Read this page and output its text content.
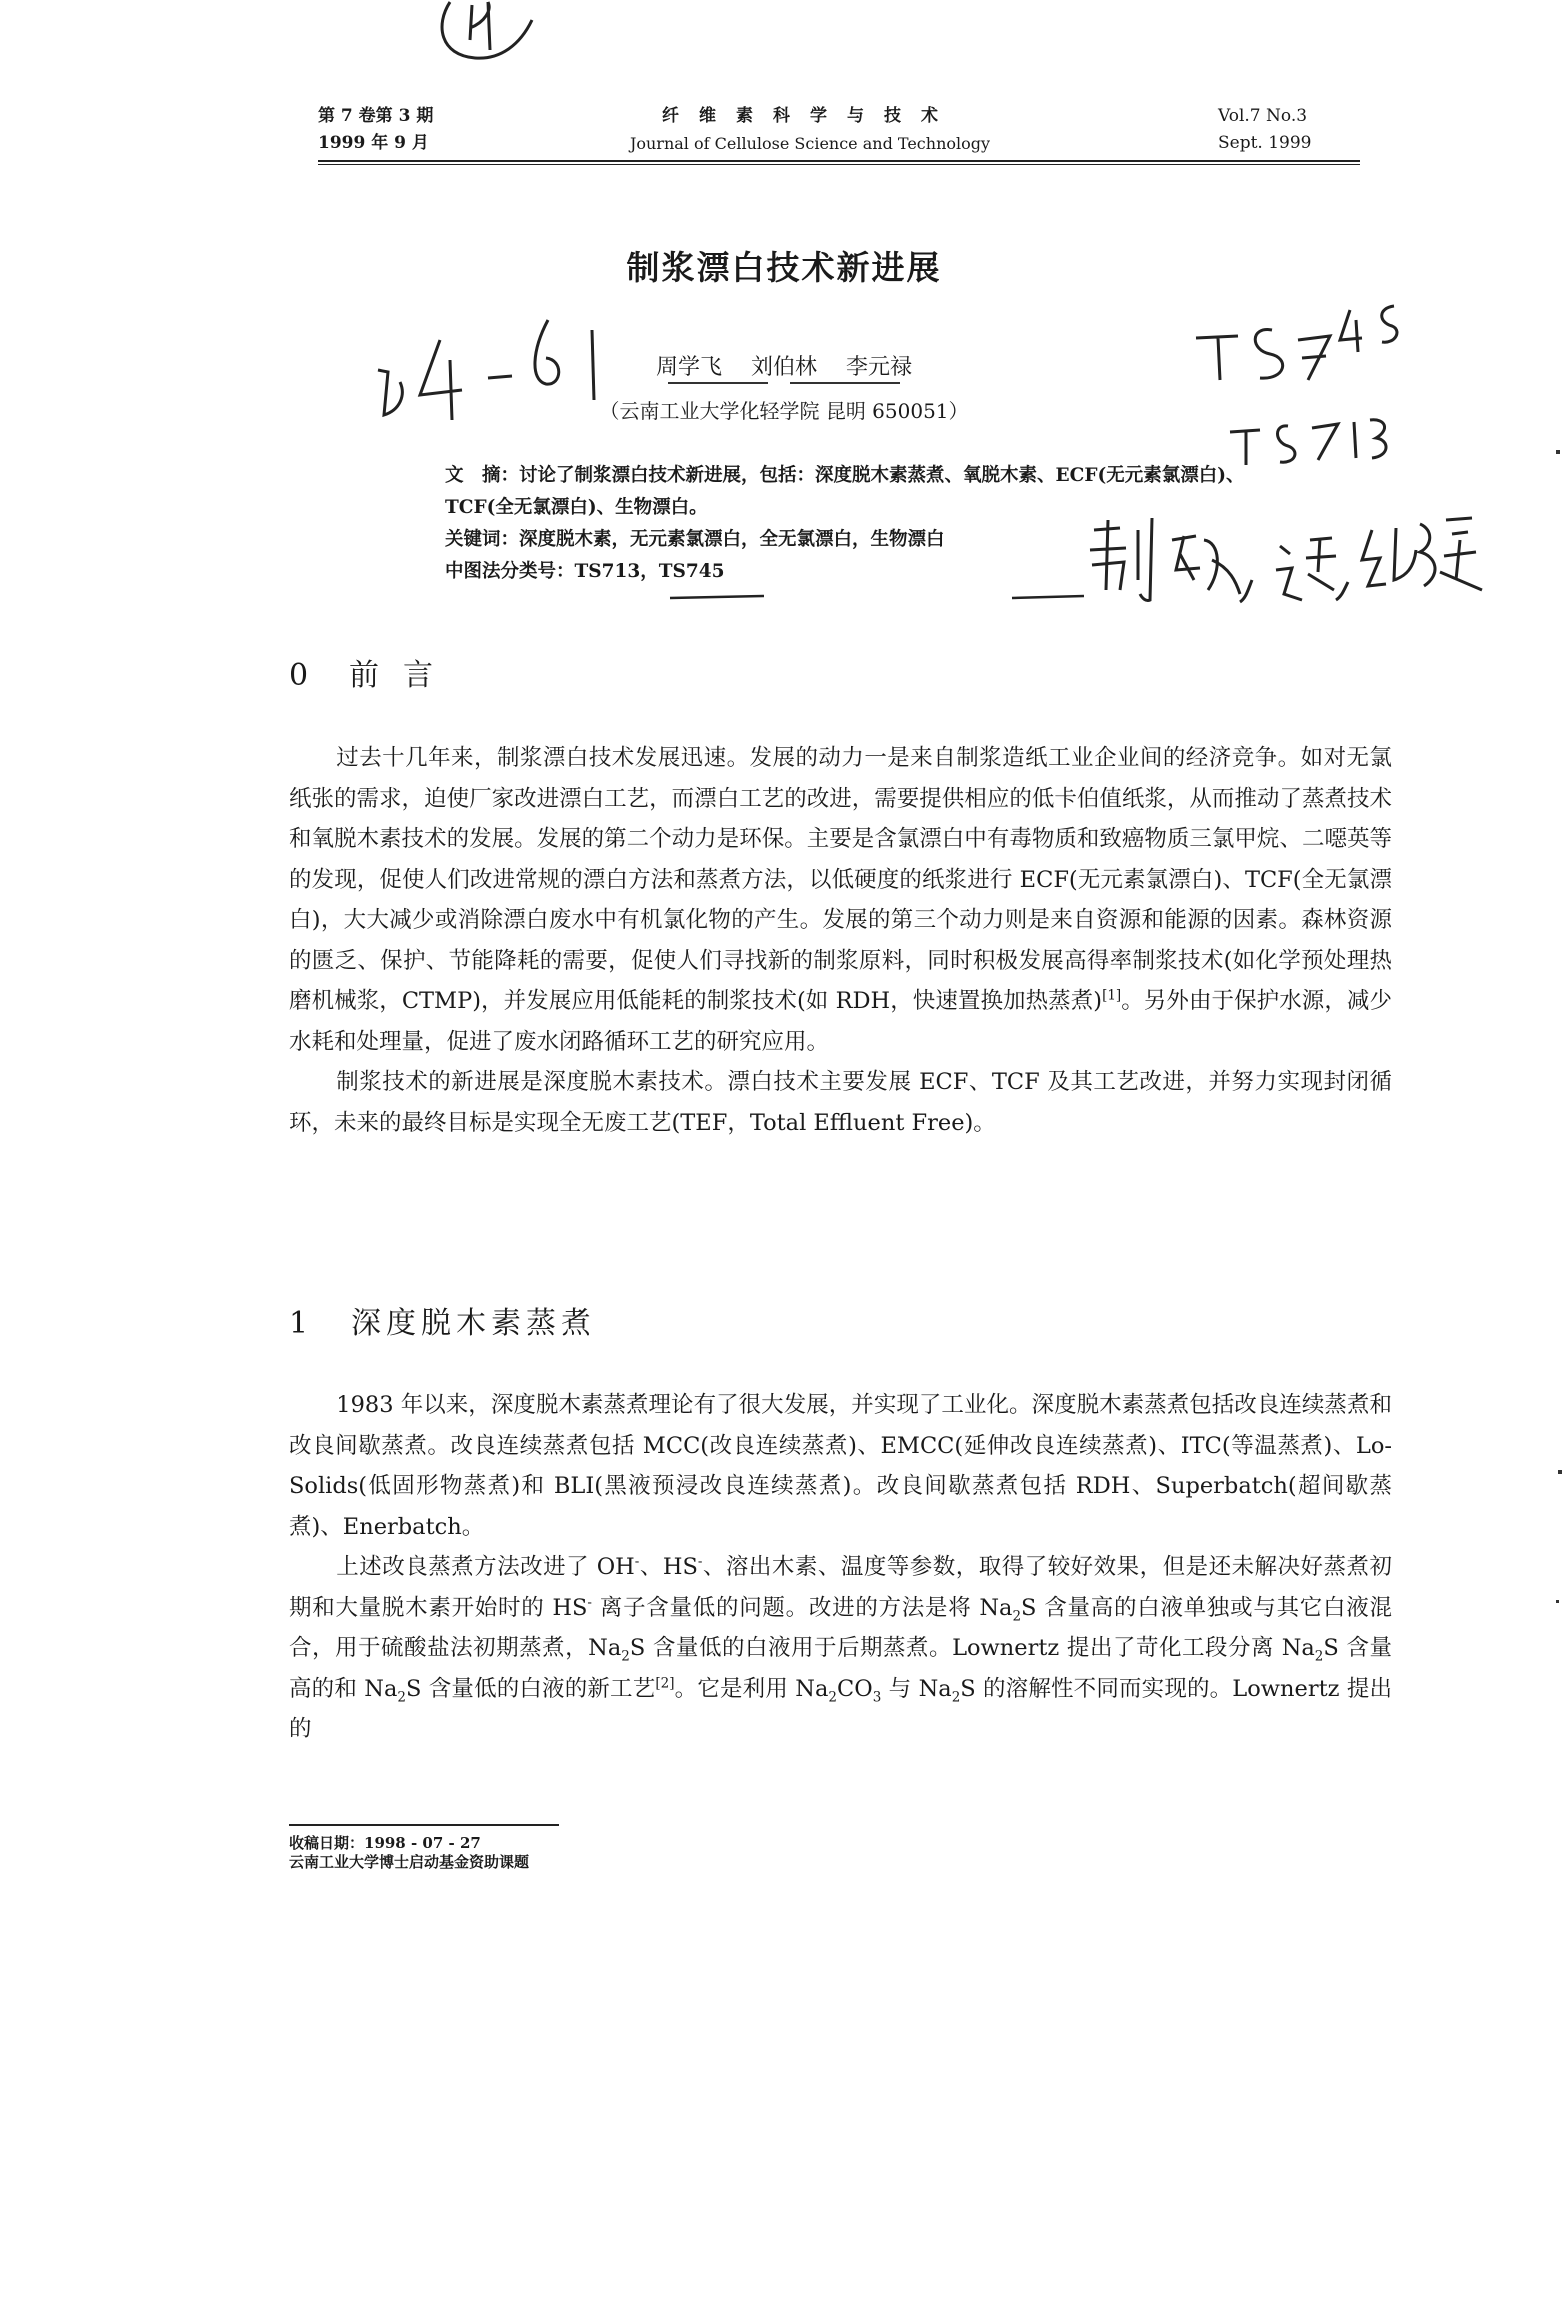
第 7 卷第 3 期
1999 年 9 月
纤维素科学与技术
Journal of Cellulose Science and Technology
Vol.7 No.3
Sept. 1999
制浆漂白技术新进展
周学飞 刘伯林 李元禄
（云南工业大学化轻学院 昆明 650051）

文　摘：讨论了制浆漂白技术新进展，包括：深度脱木素蒸煮、氧脱木素、ECF(无元素氯漂白)、TCF(全无氯漂白)、生物漂白。

关键词：深度脱木素，无元素氯漂白，全无氯漂白，生物漂白

中图法分类号：TS713，TS745

0 前言

过去十几年来，制浆漂白技术发展迅速。发展的动力一是来自制浆造纸工业企业间的经济竞争。如对无氯纸张的需求，迫使厂家改进漂白工艺，而漂白工艺的改进，需要提供相应的低卡伯值纸浆，从而推动了蒸煮技术和氧脱木素技术的发展。发展的第二个动力是环保。主要是含氯漂白中有毒物质和致癌物质三氯甲烷、二噁英等的发现，促使人们改进常规的漂白方法和蒸煮方法，以低硬度的纸浆进行 ECF(无元素氯漂白)、TCF(全无氯漂白)，大大减少或消除漂白废水中有机氯化物的产生。发展的第三个动力则是来自资源和能源的因素。森林资源的匮乏、保护、节能降耗的需要，促使人们寻找新的制浆原料，同时积极发展高得率制浆技术(如化学预处理热磨机械浆，CTMP)，并发展应用低能耗的制浆技术(如 RDH，快速置换加热蒸煮)[1]。另外由于保护水源，减少水耗和处理量，促进了废水闭路循环工艺的研究应用。

制浆技术的新进展是深度脱木素技术。漂白技术主要发展 ECF、TCF 及其工艺改进，并努力实现封闭循环，未来的最终目标是实现全无废工艺(TEF，Total Effluent Free)。

1 深度脱木素蒸煮

1983 年以来，深度脱木素蒸煮理论有了很大发展，并实现了工业化。深度脱木素蒸煮包括改良连续蒸煮和改良间歇蒸煮。改良连续蒸煮包括 MCC(改良连续蒸煮)、EMCC(延伸改良连续蒸煮)、ITC(等温蒸煮)、Lo-Solids(低固形物蒸煮)和 BLI(黑液预浸改良连续蒸煮)。改良间歇蒸煮包括 RDH、Superbatch(超间歇蒸煮)、Enerbatch。

上述改良蒸煮方法改进了 OH-、HS-、溶出木素、温度等参数，取得了较好效果，但是还未解决好蒸煮初期和大量脱木素开始时的 HS- 离子含量低的问题。改进的方法是将 $Na_2S$ 含量高的白液单独或与其它白液混合，用于硫酸盐法初期蒸煮，$Na_2S$ 含量低的白液用于后期蒸煮。Lownertz 提出了苛化工段分离 $Na_2S$ 含量高的和 $Na_2S$ 含量低的白液的新工艺[2]。它是利用 $Na_2CO_3$ 与 $Na_2S$ 的溶解性不同而实现的。Lownertz 提出的

收稿日期：1998 - 07 - 27
云南工业大学博士启动基金资助课题
